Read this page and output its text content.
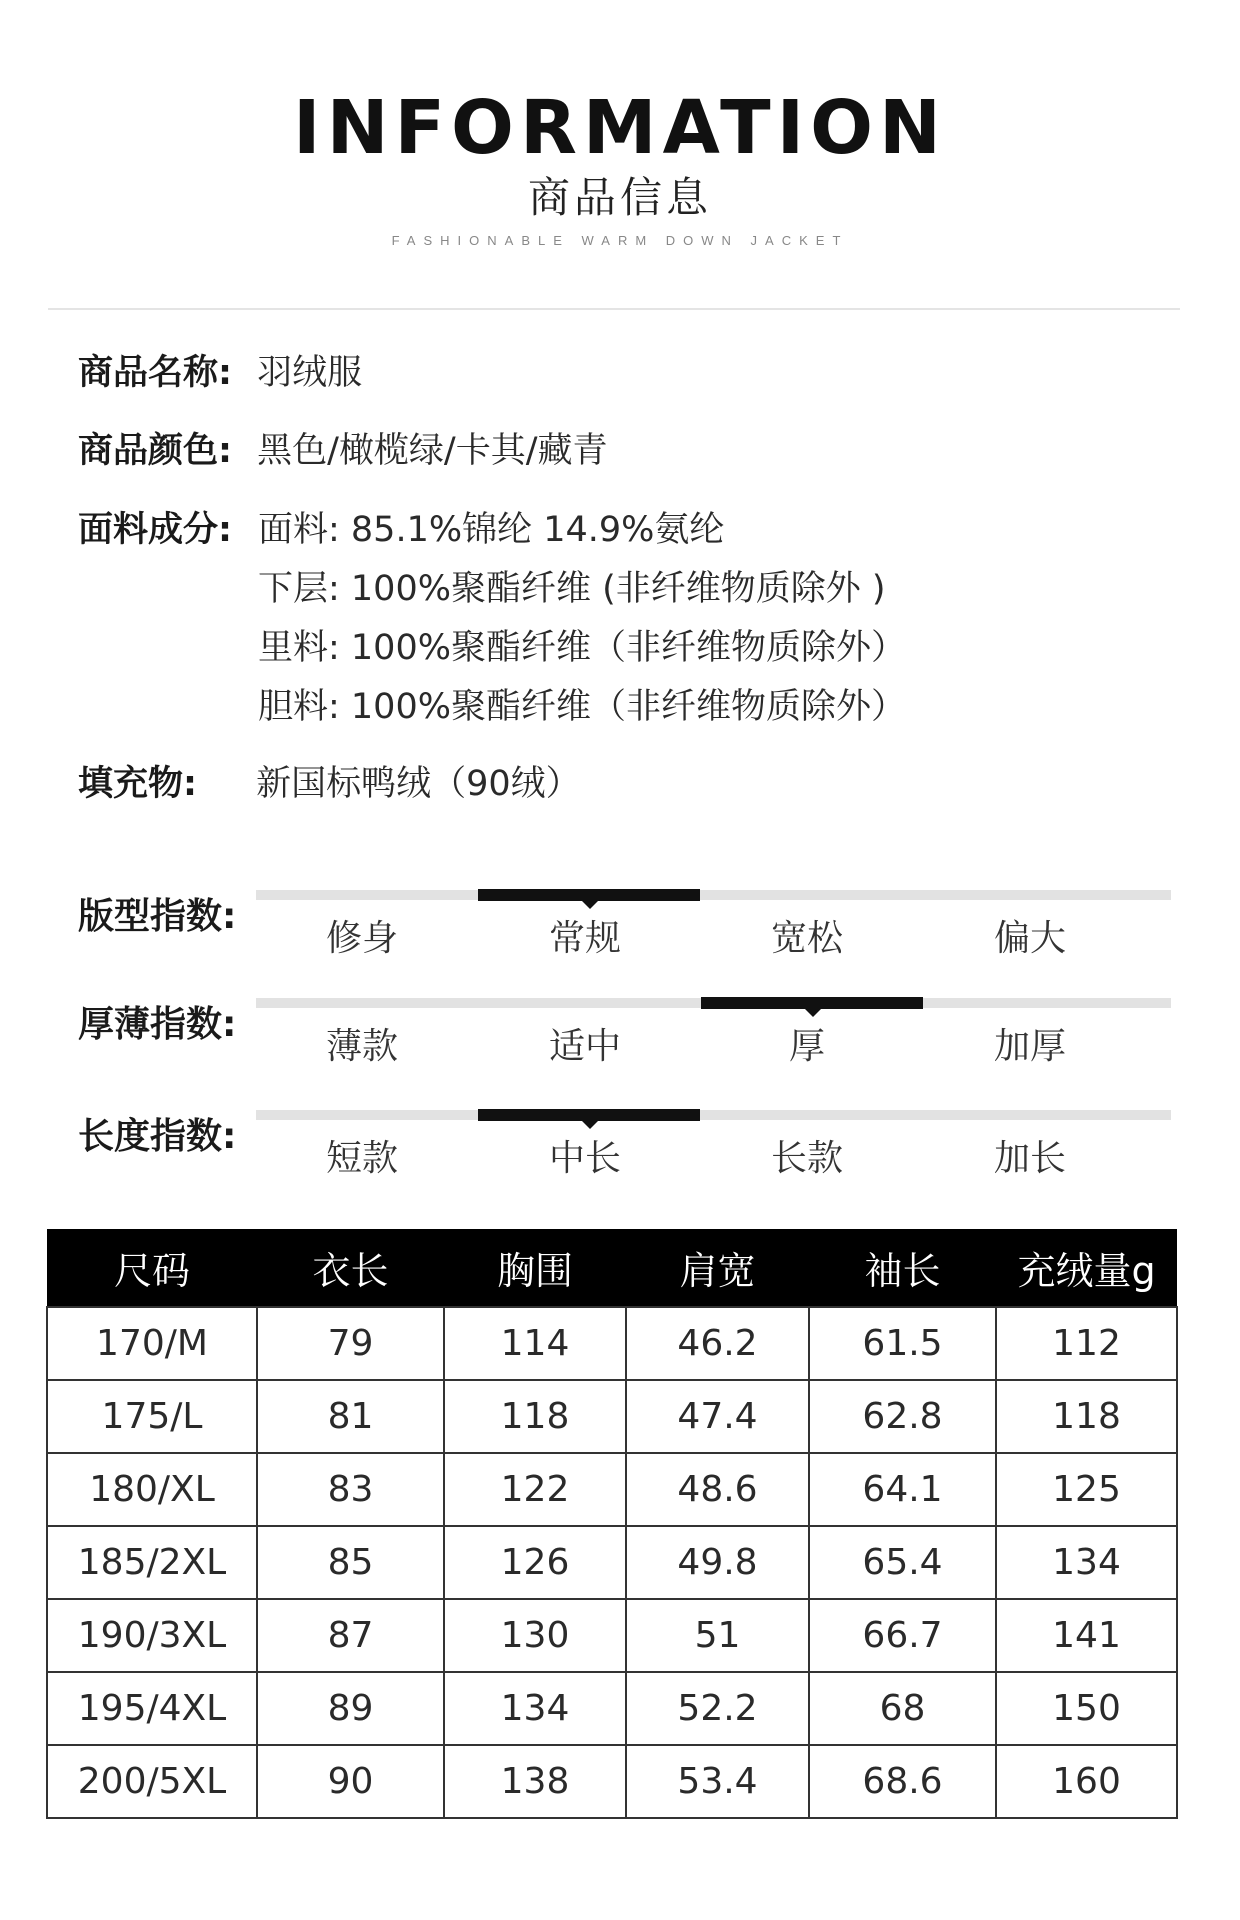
INFORMATION
商品信息
FASHIONABLE WARM DOWN JACKET
商品名称: 羽绒服
商品颜色: 黑色/橄榄绿/卡其/藏青
面料成分: 面料: 85.1%锦纶 14.9%氨纶
下层: 100%聚酯纤维 (非纤维物质除外 )
里料: 100%聚酯纤维（非纤维物质除外）
胆料: 100%聚酯纤维（非纤维物质除外）
填充物: 新国标鸭绒（90绒）
版型指数:
修身	常规	宽松	偏大
厚薄指数:
薄款	适中	厚	加厚
长度指数:
短款	中长	长款	加长
尺码	衣长	胸围	肩宽	袖长	充绒量g
170/M	79	114	46.2	61.5	112
175/L	81	118	47.4	62.8	118
180/XL	83	122	48.6	64.1	125
185/2XL	85	126	49.8	65.4	134
190/3XL	87	130	51	66.7	141
195/4XL	89	134	52.2	68	150
200/5XL	90	138	53.4	68.6	160
